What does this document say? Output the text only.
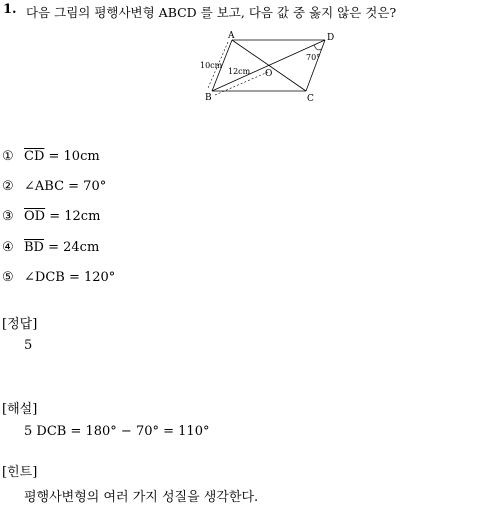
1. 다음 그림의 평행사변형 ABCD 를 보고, 다음 값 중 옳지 않은 것은?
A	D
B	C
O
10cm
12cm
70°
① $\overline{CD} = 10cm$
② ∠ABC = 70°
③ $\overline{OD} = 12cm$
④ $\overline{BD} = 24cm$
⑤ ∠DCB = 120°
[정답]
5
[해설]
5 DCB = 180° − 70° = 110°
[힌트]
평행사변형의 여러 가지 성질을 생각한다.
